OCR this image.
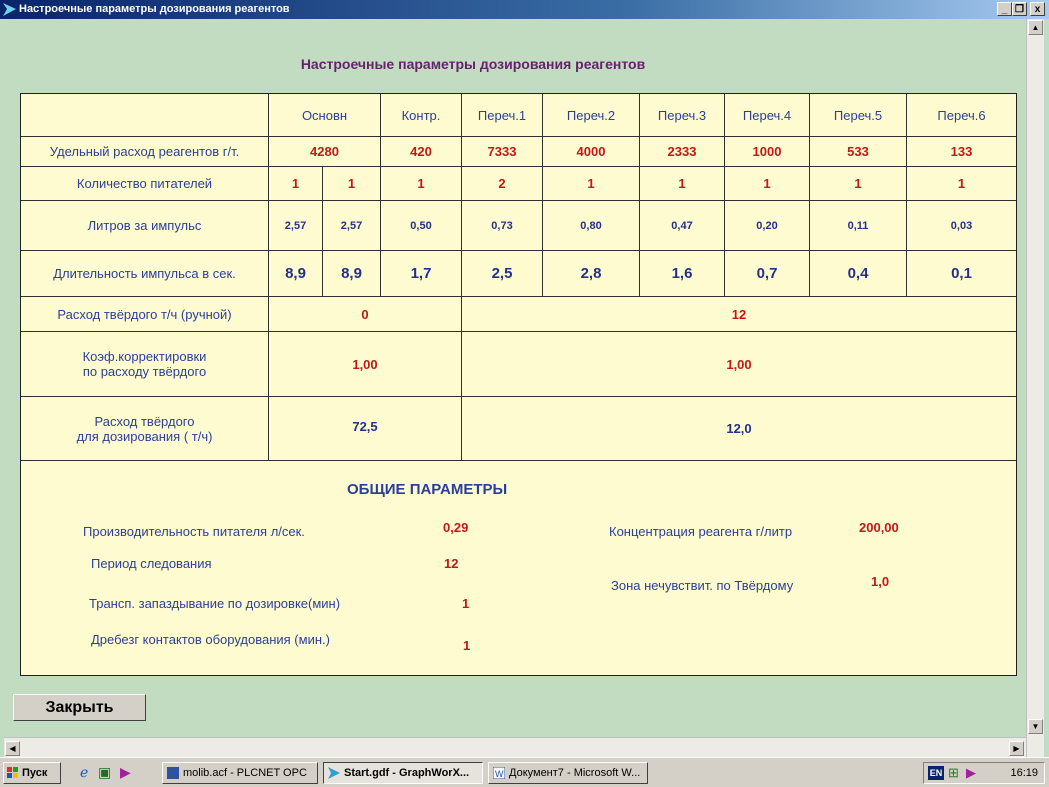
Настроечные параметры дозирования реагентов	_ ❐	x
▲
▼
◀	▶
Настроечные параметры дозирования реагентов
Основн	Контр.	Переч.1	Переч.2	Переч.3	Переч.4	Переч.5	Переч.6
Удельный расход реагентов г/т.	4280	420	7333	4000	2333	1000	533	133
Количество питателей	1	1	1	2	1	1	1	1	1
Литров за импульс	2,57	2,57	0,50	0,73	0,80	0,47	0,20	0,11	0,03
Длительность импульса в сек.	8,9	8,9	1,7	2,5	2,8	1,6	0,7	0,4	0,1
Расход твёрдого т/ч (ручной)	0	12
Коэф.корректировки
по расходу твёрдого	1,00	1,00
Расход твёрдого
для дозирования ( т/ч)
72,5	12,0
ОБЩИЕ ПАРАМЕТРЫ
Производительность питателя л/сек.	0,29
Период следования	12
Трансп. запаздывание по дозировке(мин)	1
Дребезг контактов оборудования (мин.)	1
Концентрация реагента г/литр	200,00
Зона нечувствит. по Твёрдому	1,0
Закрыть
Пуск	ℯ ▣ ▶	molib.acf - PLCNET OPC	Start.gdf - GraphWorX...	W Документ7 - Microsoft W...	EN ⊞ ▶	16:19
